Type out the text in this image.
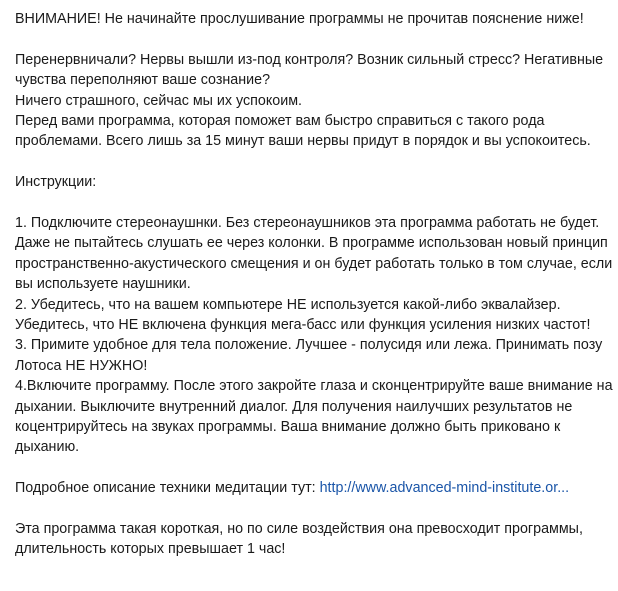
ВНИМАНИЕ! Не начинайте прослушивание программы не прочитав пояснение ниже!

Перенервничали? Нервы вышли из-под контроля? Возник сильный стресс? Негативные
чувства переполняют ваше сознание?
Ничего страшного, сейчас мы их успокоим.
Перед вами программа, которая поможет вам быстро справиться с такого рода
проблемами. Всего лишь за 15 минут ваши нервы придут в порядок и вы успокоитесь.

Инструкции:

1. Подключите стереонаушнки. Без стереонаушников эта программа работать не будет.
Даже не пытайтесь слушать ее через колонки. В программе использован новый принцип
пространственно-акустического смещения и он будет работать только в том случае, если
вы используете наушники.
2. Убедитесь, что на вашем компьютере НЕ используется какой-либо эквалайзер.
Убедитесь, что НЕ включена функция мега-басс или функция усиления низких частот!
3. Примите удобное для тела положение. Лучшее - полусидя или лежа. Принимать позу
Лотоса НЕ НУЖНО!
4.Включите программу. После этого закройте глаза и сконцентрируйте ваше внимание на
дыхании. Выключите внутренний диалог. Для получения наилучших результатов не
коцентрируйтесь на звуках программы. Ваша внимание должно быть приковано к
дыханию.

Подробное описание техники медитации тут: http://www.advanced-mind-institute.or...

Эта программа такая короткая, но по силе воздействия она превосходит программы,
длительность которых превышает 1 час!
